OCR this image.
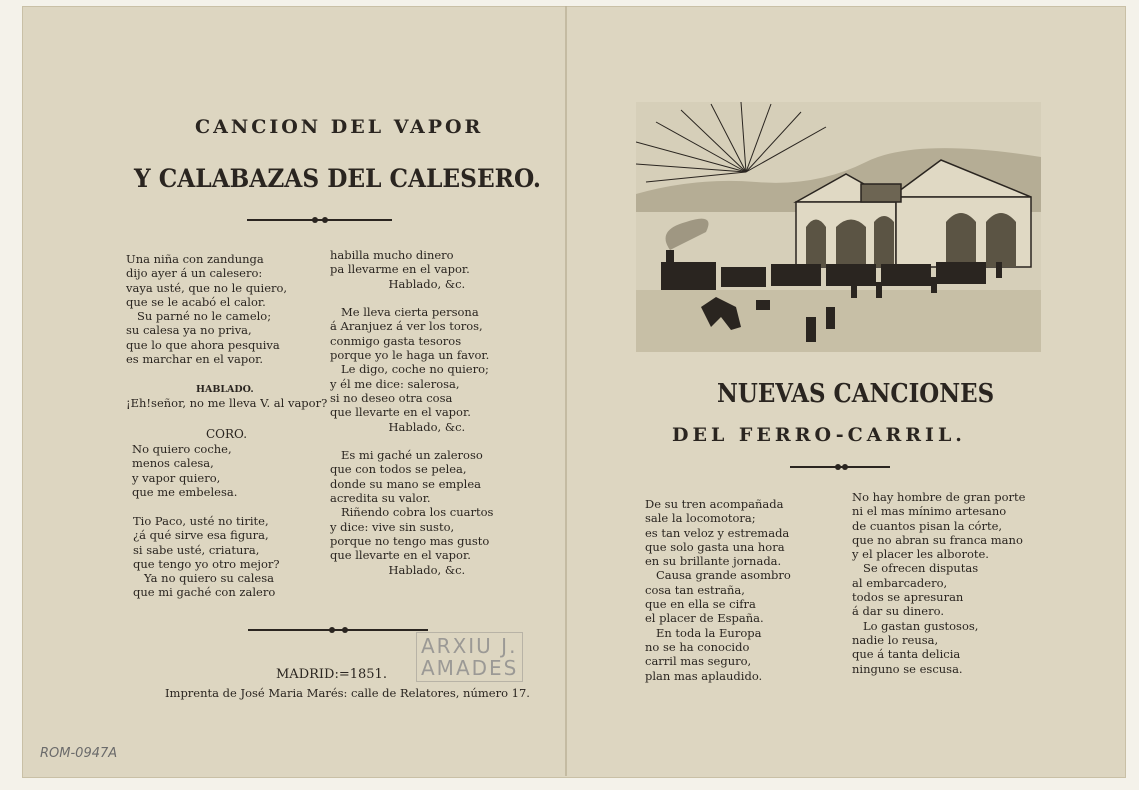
CANCION DEL VAPOR
Y CALABAZAS DEL CALESERO.
Una niña con zandunga
dijo ayer á un calesero:
vaya usté, que no le quiero,
que se le acabó el calor.
Su parné no le camelo;
su calesa ya no priva,
que lo que ahora pesquiva
es marchar en el vapor.
HABLADO.
¡Eh!señor, no me lleva V. al vapor?
CORO.
No quiero coche,
menos calesa,
y vapor quiero,
que me embelesa.
Tio Paco, usté no tirite,
¿á qué sirve esa figura,
si sabe usté, criatura,
que tengo yo otro mejor?
Ya no quiero su calesa
que mi gaché con zalero
habilla mucho dinero
pa llevarme en el vapor.
Hablado, &c.

Me lleva cierta persona
á Aranjuez á ver los toros,
conmigo gasta tesoros
porque yo le haga un favor.
Le digo, coche no quiero;
y él me dice: salerosa,
si no deseo otra cosa
que llevarte en el vapor.
Hablado, &c.

Es mi gaché un zaleroso
que con todos se pelea,
donde su mano se emplea
acredita su valor.
Riñendo cobra los cuartos
y dice: vive sin susto,
porque no tengo mas gusto
que llevarte en el vapor.
Hablado, &c.
MADRID:=1851.
Imprenta de José Maria Marés: calle de Relatores, número 17.
ARXIU J.
AMADES
ROM-0947A
NUEVAS CANCIONES
DEL FERRO-CARRIL.
De su tren acompañada
sale la locomotora;
es tan veloz y estremada
que solo gasta una hora
en su brillante jornada.
Causa grande asombro
cosa tan estraña,
que en ella se cifra
el placer de España.
En toda la Europa
no se ha conocido
carril mas seguro,
plan mas aplaudido.
No hay hombre de gran porte
ni el mas mínimo artesano
de cuantos pisan la córte,
que no abran su franca mano
y el placer les alborote.
Se ofrecen disputas
al embarcadero,
todos se apresuran
á dar su dinero.
Lo gastan gustosos,
nadie lo reusa,
que á tanta delicia
ninguno se escusa.
